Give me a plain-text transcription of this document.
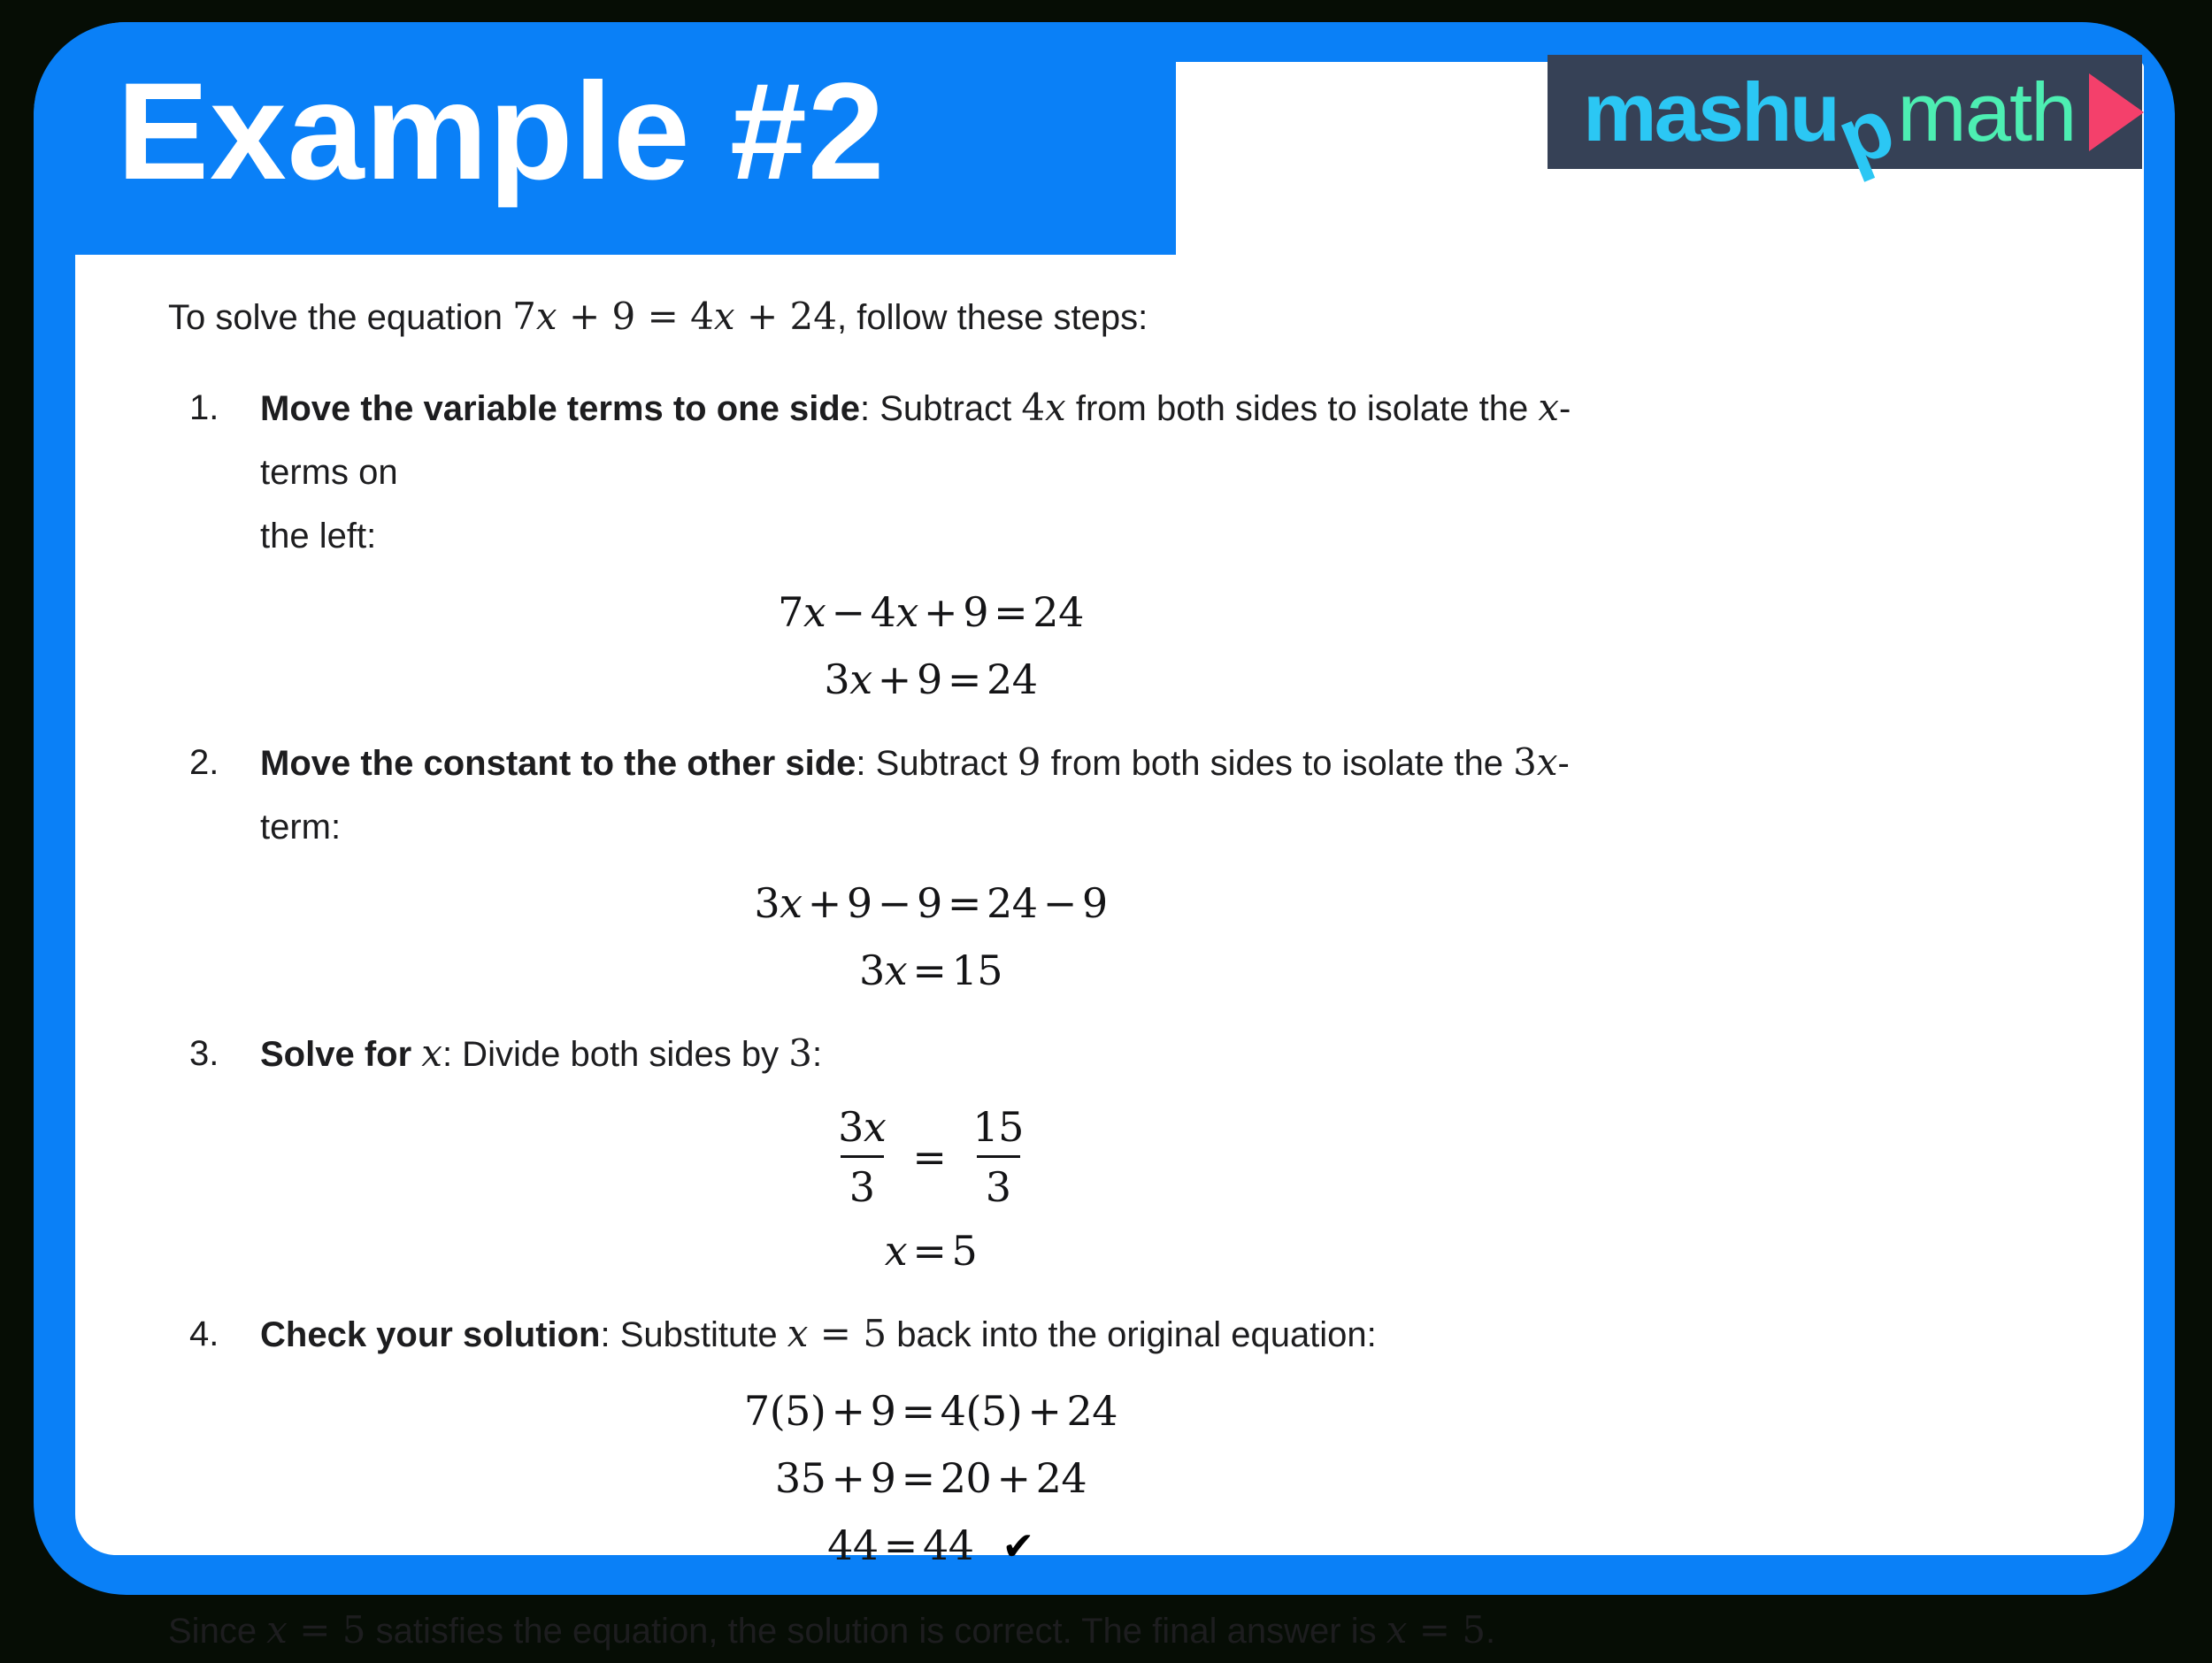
Example #2	mashu
p
math
To solve the equation 7x + 9 = 4x + 24, follow these steps:
1. Move the variable terms to one side: Subtract 4x from both sides to isolate the x-terms on
the left:
7x − 4x + 9 = 24
3x + 9 = 24
2. Move the constant to the other side: Subtract 9 from both sides to isolate the 3x-term:
3x + 9 − 9 = 24 − 9
3x = 15
3. Solve for x: Divide both sides by 3:
$\frac{3x}{3} = \frac{15}{3}$
x = 5
4. Check your solution: Substitute x = 5 back into the original equation:
7(5) + 9 = 4(5) + 24
35 + 9 = 20 + 24
44 = 44 ✔
Since x = 5 satisfies the equation, the solution is correct. The final answer is x = 5.
